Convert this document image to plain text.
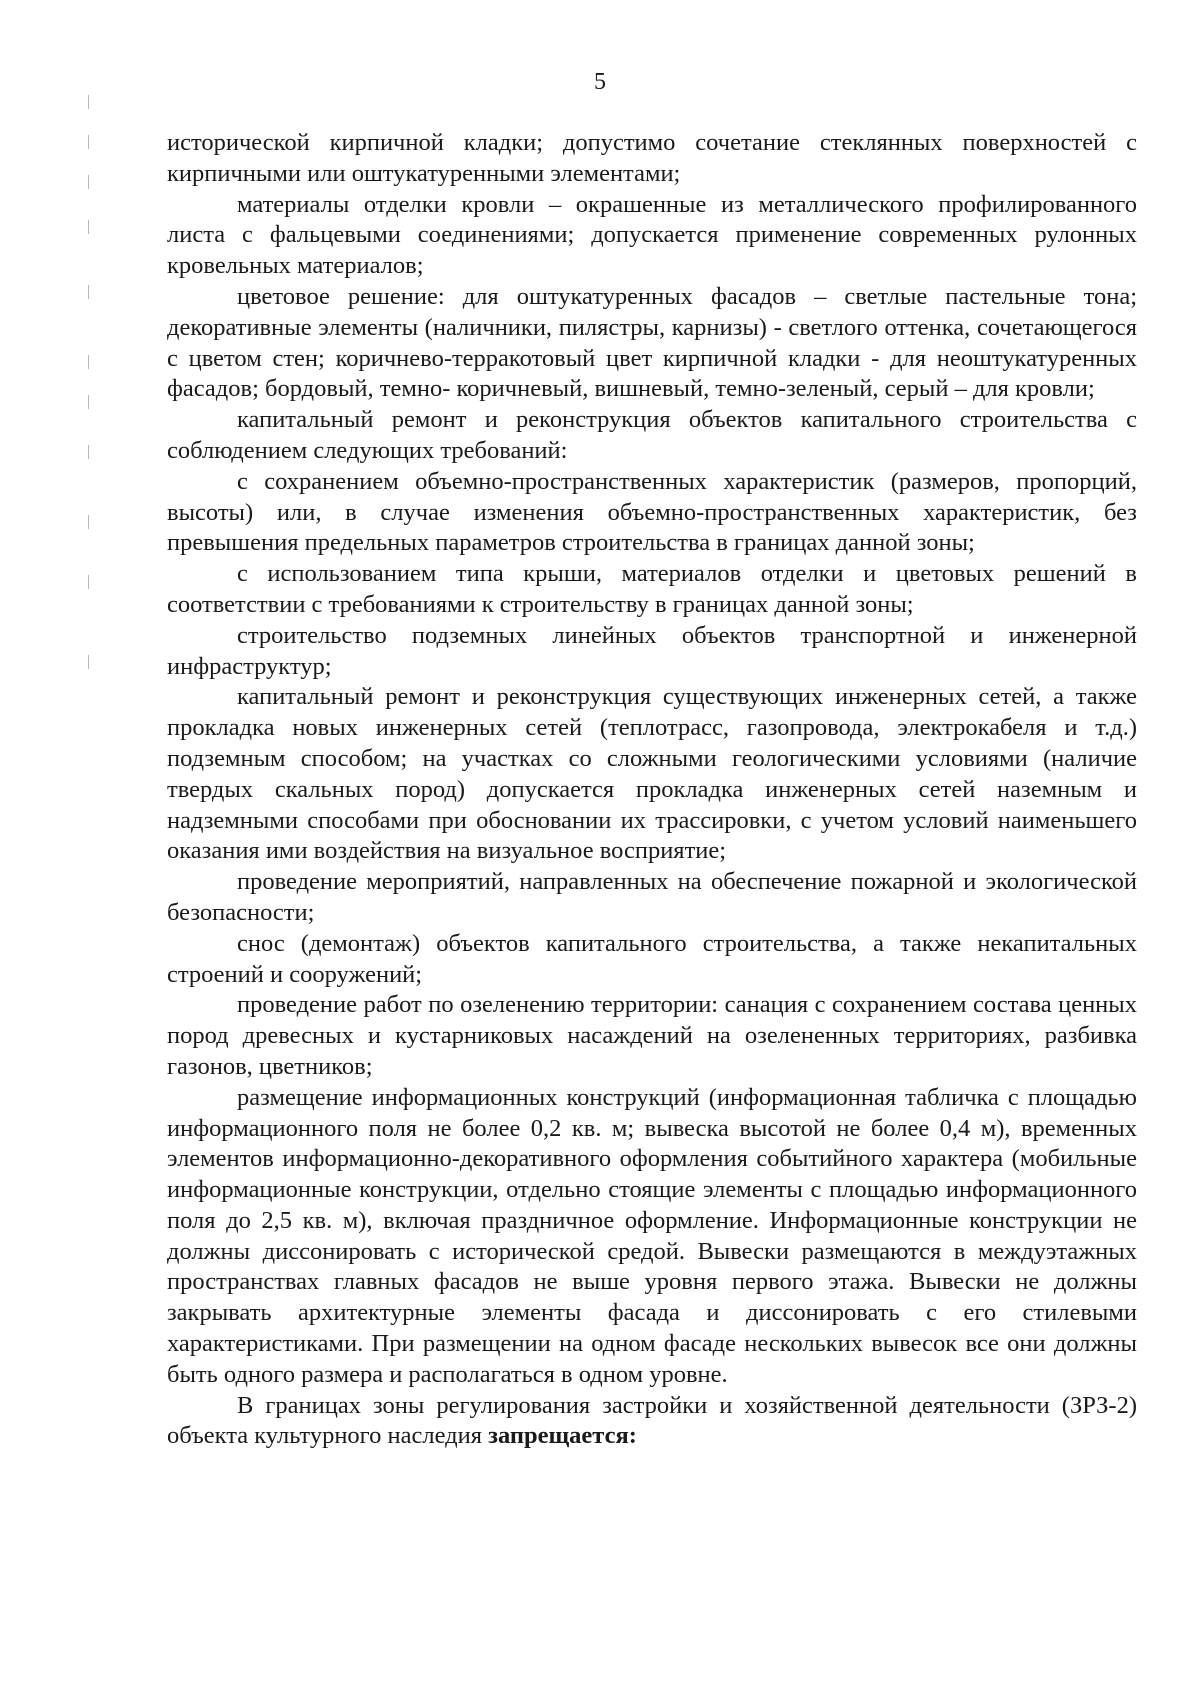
5

исторической кирпичной кладки; допустимо сочетание стеклянных поверхностей с кирпичными или оштукатуренными элементами;

материалы отделки кровли – окрашенные из металлического профилированного листа с фальцевыми соединениями; допускается применение современных рулонных кровельных материалов;

цветовое решение: для оштукатуренных фасадов – светлые пастельные тона; декоративные элементы (наличники, пилястры, карнизы) - светлого оттенка, сочетающегося с цветом стен; коричнево-терракотовый цвет кирпичной кладки - для неоштукатуренных фасадов; бордовый, темно- коричневый, вишневый, темно-зеленый, серый – для кровли;

капитальный ремонт и реконструкция объектов капитального строительства с соблюдением следующих требований:

с сохранением объемно-пространственных характеристик (размеров, пропорций, высоты) или, в случае изменения объемно-пространственных характеристик, без превышения предельных параметров строительства в границах данной зоны;

с использованием типа крыши, материалов отделки и цветовых решений в соответствии с требованиями к строительству в границах данной зоны;

строительство подземных линейных объектов транспортной и инженерной инфраструктур;

капитальный ремонт и реконструкция существующих инженерных сетей, а также прокладка новых инженерных сетей (теплотрасс, газопровода, электрокабеля и т.д.) подземным способом; на участках со сложными геологическими условиями (наличие твердых скальных пород) допускается прокладка инженерных сетей наземным и надземными способами при обосновании их трассировки, с учетом условий наименьшего оказания ими воздействия на визуальное восприятие;

проведение мероприятий, направленных на обеспечение пожарной и экологической безопасности;

снос (демонтаж) объектов капитального строительства, а также некапитальных строений и сооружений;

проведение работ по озеленению территории: санация с сохранением состава ценных пород древесных и кустарниковых насаждений на озелененных территориях, разбивка газонов, цветников;

размещение информационных конструкций (информационная табличка с площадью информационного поля не более 0,2 кв. м; вывеска высотой не более 0,4 м), временных элементов информационно-декоративного оформления событийного характера (мобильные информационные конструкции, отдельно стоящие элементы с площадью информационного поля до 2,5 кв. м), включая праздничное оформление. Информационные конструкции не должны диссонировать с исторической средой. Вывески размещаются в междуэтажных пространствах главных фасадов не выше уровня первого этажа. Вывески не должны закрывать архитектурные элементы фасада и диссонировать с его стилевыми характеристиками. При размещении на одном фасаде нескольких вывесок все они должны быть одного размера и располагаться в одном уровне.

В границах зоны регулирования застройки и хозяйственной деятельности (ЗРЗ-2) объекта культурного наследия запрещается:
